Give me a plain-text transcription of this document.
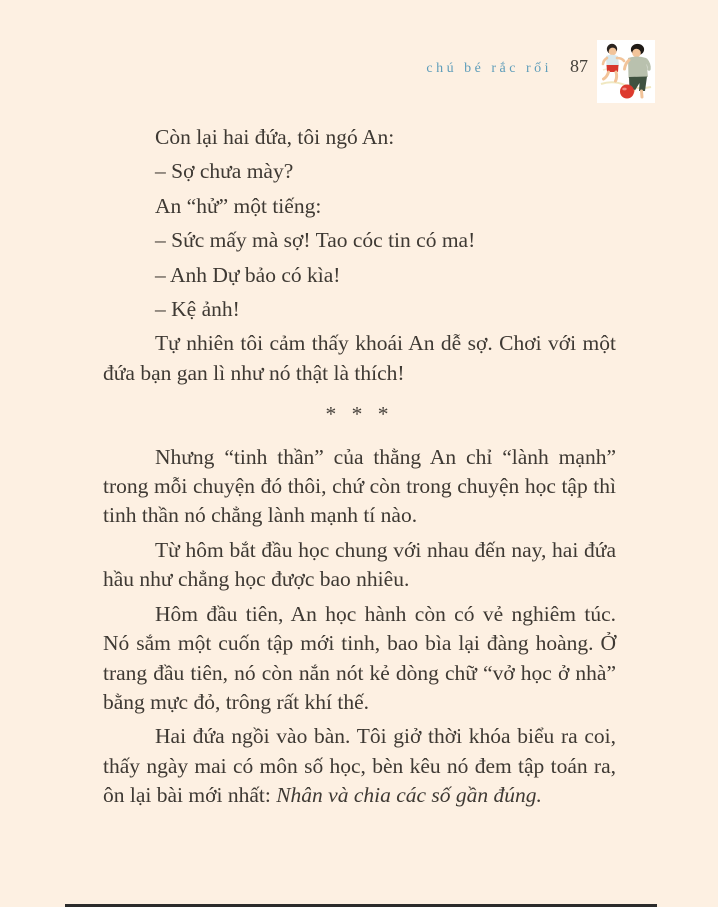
chú bé rắc rối 87

Còn lại hai đứa, tôi ngó An:

– Sợ chưa mày?

An “hử” một tiếng:

– Sức mấy mà sợ! Tao cóc tin có ma!

– Anh Dự bảo có kìa!

– Kệ ảnh!

Tự nhiên tôi cảm thấy khoái An dễ sợ. Chơi với một đứa bạn gan lì như nó thật là thích!

* * *

Nhưng “tinh thần” của thằng An chỉ “lành mạnh” trong mỗi chuyện đó thôi, chứ còn trong chuyện học tập thì tinh thần nó chẳng lành mạnh tí nào.

Từ hôm bắt đầu học chung với nhau đến nay, hai đứa hầu như chẳng học được bao nhiêu.

Hôm đầu tiên, An học hành còn có vẻ nghiêm túc. Nó sắm một cuốn tập mới tinh, bao bìa lại đàng hoàng. Ở trang đầu tiên, nó còn nắn nót kẻ dòng chữ “vở học ở nhà” bằng mực đỏ, trông rất khí thế.

Hai đứa ngồi vào bàn. Tôi giở thời khóa biểu ra coi, thấy ngày mai có môn số học, bèn kêu nó đem tập toán ra, ôn lại bài mới nhất: Nhân và chia các số gần đúng.
